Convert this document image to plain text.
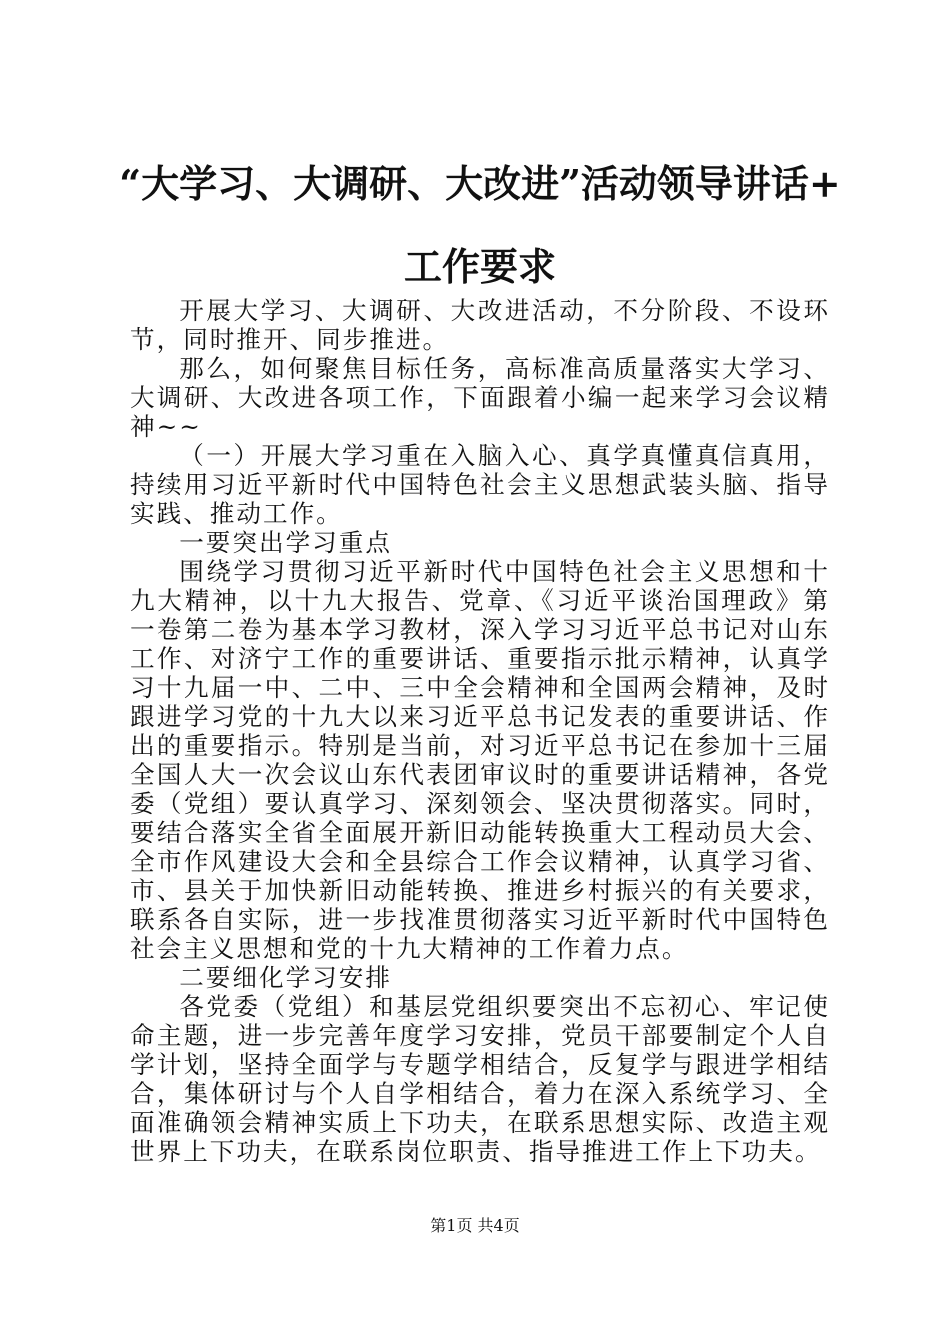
“大学习、大调研、大改进”活动领导讲话+
工作要求

开展大学习、大调研、大改进活动，不分阶段、不设环节，同时推开、同步推进。

那么，如何聚焦目标任务，高标准高质量落实大学习、大调研、大改进各项工作，下面跟着小编一起来学习会议精神~~

（一）开展大学习重在入脑入心、真学真懂真信真用，持续用习近平新时代中国特色社会主义思想武装头脑、指导实践、推动工作。

一要突出学习重点

围绕学习贯彻习近平新时代中国特色社会主义思想和十九大精神，以十九大报告、党章、《习近平谈治国理政》第一卷第二卷为基本学习教材，深入学习习近平总书记对山东工作、对济宁工作的重要讲话、重要指示批示精神，认真学习十九届一中、二中、三中全会精神和全国两会精神，及时跟进学习党的十九大以来习近平总书记发表的重要讲话、作出的重要指示。特别是当前，对习近平总书记在参加十三届全国人大一次会议山东代表团审议时的重要讲话精神，各党委（党组）要认真学习、深刻领会、坚决贯彻落实。同时，要结合落实全省全面展开新旧动能转换重大工程动员大会、全市作风建设大会和全县综合工作会议精神，认真学习省、市、县关于加快新旧动能转换、推进乡村振兴的有关要求，联系各自实际，进一步找准贯彻落实习近平新时代中国特色社会主义思想和党的十九大精神的工作着力点。

二要细化学习安排

各党委（党组）和基层党组织要突出不忘初心、牢记使命主题，进一步完善年度学习安排，党员干部要制定个人自学计划，坚持全面学与专题学相结合，反复学与跟进学相结合，集体研讨与个人自学相结合，着力在深入系统学习、全面准确领会精神实质上下功夫，在联系思想实际、改造主观世界上下功夫，在联系岗位职责、指导推进工作上下功夫。

第1页 共4页
